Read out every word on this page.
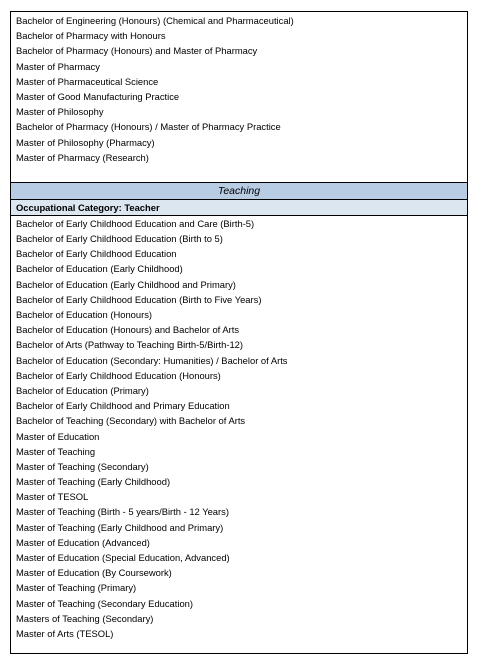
Bachelor of Engineering (Honours) (Chemical and Pharmaceutical)
Bachelor of Pharmacy with Honours
Bachelor of Pharmacy (Honours) and Master of Pharmacy
Master of Pharmacy
Master of Pharmaceutical Science
Master of Good Manufacturing Practice
Master of Philosophy
Bachelor of Pharmacy (Honours) / Master of Pharmacy Practice
Master of Philosophy (Pharmacy)
Master of Pharmacy (Research)
Teaching
Occupational Category: Teacher
Bachelor of Early Childhood Education and Care (Birth-5)
Bachelor of Early Childhood Education (Birth to 5)
Bachelor of Early Childhood Education
Bachelor of Education (Early Childhood)
Bachelor of Education (Early Childhood and Primary)
Bachelor of Early Childhood Education (Birth to Five Years)
Bachelor of Education (Honours)
Bachelor of Education (Honours) and Bachelor of Arts
Bachelor of Arts (Pathway to Teaching Birth-5/Birth-12)
Bachelor of Education (Secondary: Humanities) / Bachelor of Arts
Bachelor of Early Childhood Education (Honours)
Bachelor of Education (Primary)
Bachelor of Early Childhood and Primary Education
Bachelor of Teaching (Secondary) with Bachelor of Arts
Master of Education
Master of Teaching
Master of Teaching (Secondary)
Master of Teaching (Early Childhood)
Master of TESOL
Master of Teaching (Birth - 5 years/Birth - 12 Years)
Master of Teaching (Early Childhood and Primary)
Master of Education (Advanced)
Master of Education (Special Education, Advanced)
Master of Education (By Coursework)
Master of Teaching (Primary)
Master of Teaching (Secondary Education)
Masters of Teaching (Secondary)
Master of Arts (TESOL)
